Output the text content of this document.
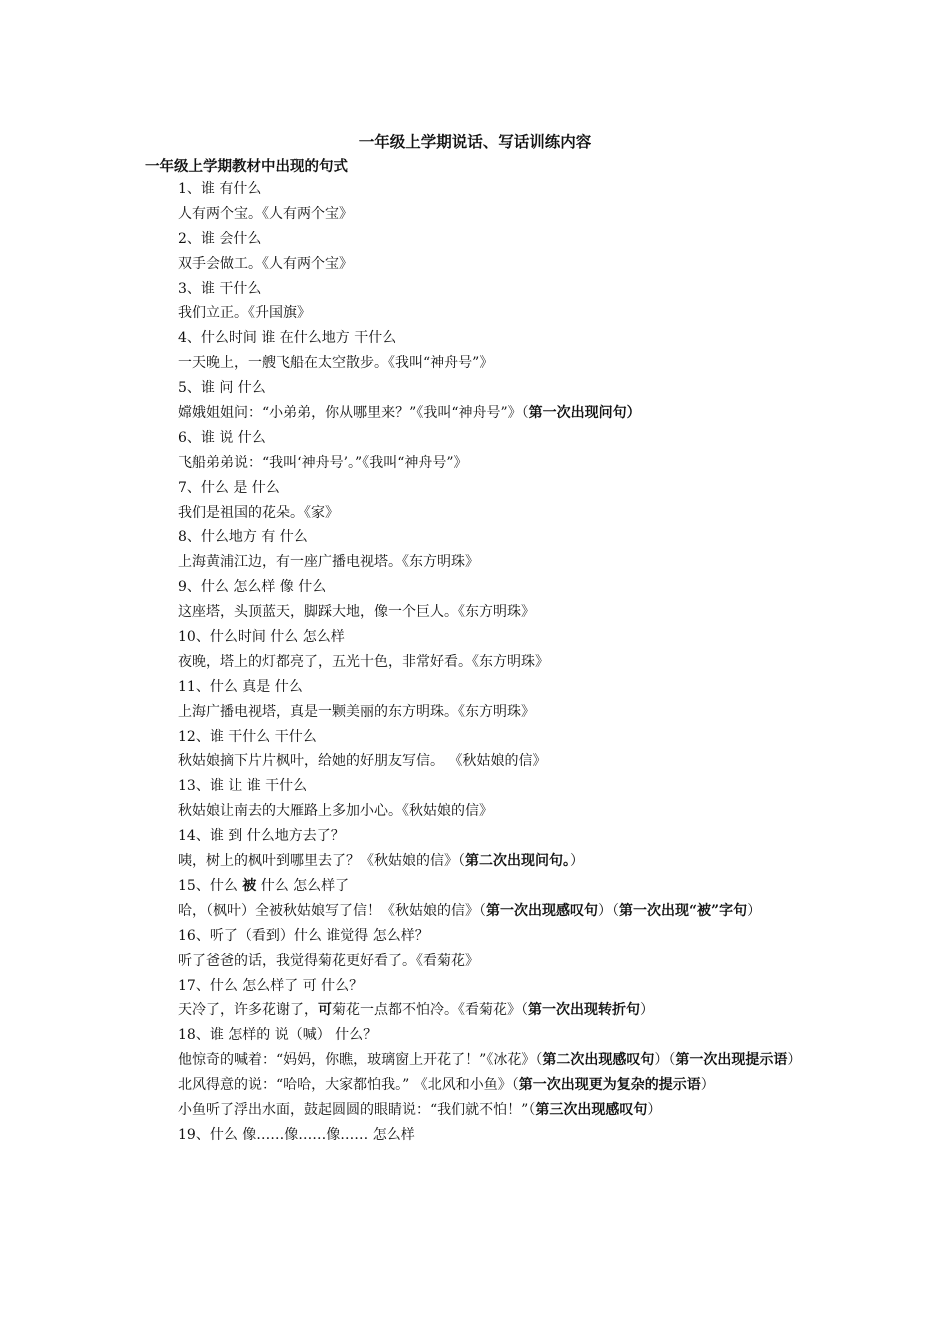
一年级上学期说话、写话训练内容
一年级上学期教材中出现的句式
1、谁 有什么
人有两个宝。《人有两个宝》
2、谁 会什么
双手会做工。《人有两个宝》
3、谁 干什么
我们立正。《升国旗》
4、什么时间 谁 在什么地方 干什么
一天晚上，一艘飞船在太空散步。《我叫“神舟号”》
5、谁 问 什么
嫦娥姐姐问：“小弟弟，你从哪里来？”《我叫“神舟号”》（第一次出现问句）
6、谁 说 什么
飞船弟弟说：“我叫‘神舟号’。”《我叫“神舟号”》
7、什么 是 什么
我们是祖国的花朵。《家》
8、什么地方 有 什么
上海黄浦江边，有一座广播电视塔。《东方明珠》
9、什么 怎么样 像 什么
这座塔，头顶蓝天，脚踩大地，像一个巨人。《东方明珠》
10、什么时间 什么 怎么样
夜晚，塔上的灯都亮了，五光十色，非常好看。《东方明珠》
11、什么 真是 什么
上海广播电视塔，真是一颗美丽的东方明珠。《东方明珠》
12、谁 干什么 干什么
秋姑娘摘下片片枫叶，给她的好朋友写信。 《秋姑娘的信》
13、谁 让 谁 干什么
秋姑娘让南去的大雁路上多加小心。《秋姑娘的信》
14、谁 到 什么地方去了？
咦，树上的枫叶到哪里去了？《秋姑娘的信》（第二次出现问句。）
15、什么 被 什么 怎么样了
哈，（枫叶）全被秋姑娘写了信！《秋姑娘的信》（第一次出现感叹句）（第一次出现“被”字句）
16、听了（看到）什么 谁觉得 怎么样？
听了爸爸的话，我觉得菊花更好看了。《看菊花》
17、什么 怎么样了 可 什么？
天冷了，许多花谢了，可菊花一点都不怕冷。《看菊花》（第一次出现转折句）
18、谁 怎样的 说（喊） 什么？
他惊奇的喊着：“妈妈，你瞧，玻璃窗上开花了！”《冰花》（第二次出现感叹句）（第一次出现提示语）
北风得意的说：“哈哈，大家都怕我。” 《北风和小鱼》（第一次出现更为复杂的提示语）
小鱼听了浮出水面，鼓起圆圆的眼睛说：“我们就不怕！”（第三次出现感叹句）
19、什么 像……像……像…… 怎么样
